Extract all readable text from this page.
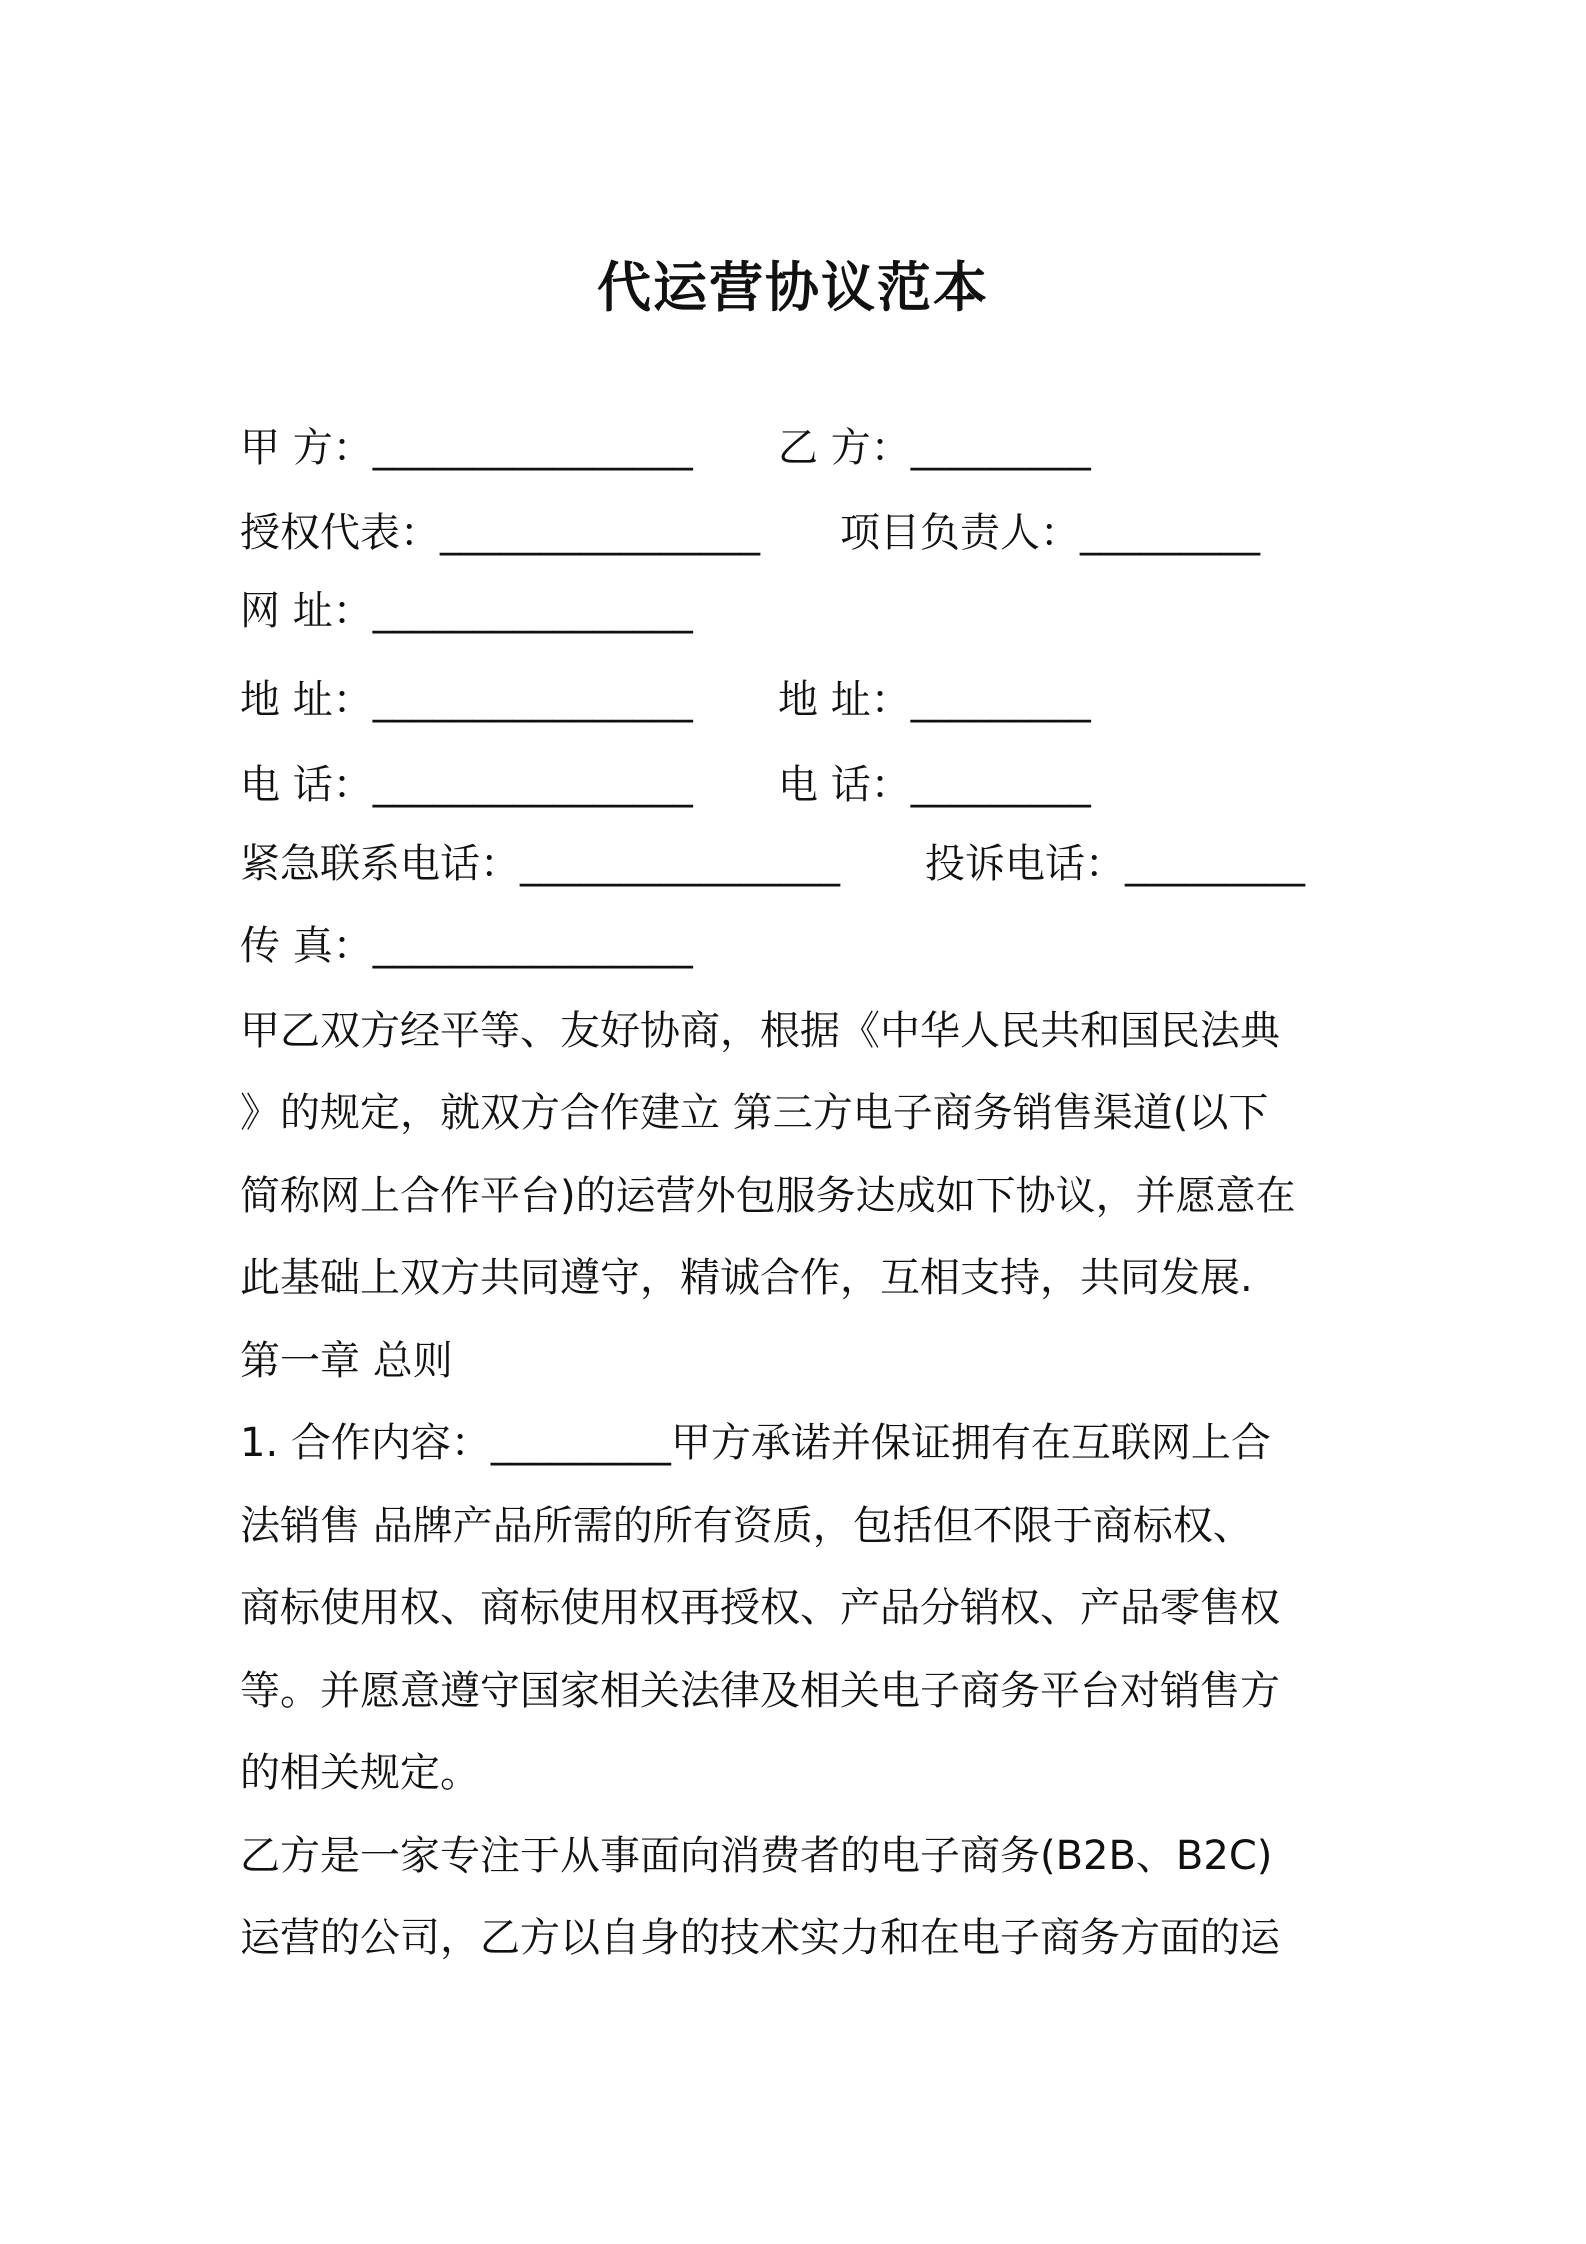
代运营协议范本
甲 方：________________ 乙 方：_________
授权代表：________________ 项目负责人：_________
网 址：________________
地 址：________________ 地 址：_________
电 话：________________ 电 话：_________
紧急联系电话：________________ 投诉电话：_________
传 真：________________
甲乙双方经平等、友好协商，根据《中华人民共和国民法典
》的规定，就双方合作建立 第三方电子商务销售渠道(以下
简称网上合作平台)的运营外包服务达成如下协议，并愿意在
此基础上双方共同遵守，精诚合作，互相支持，共同发展.
第一章 总则
1. 合作内容：_________甲方承诺并保证拥有在互联网上合
法销售 品牌产品所需的所有资质，包括但不限于商标权、
商标使用权、商标使用权再授权、产品分销权、产品零售权
等。并愿意遵守国家相关法律及相关电子商务平台对销售方
的相关规定。
乙方是一家专注于从事面向消费者的电子商务(B2B、B2C)
运营的公司，乙方以自身的技术实力和在电子商务方面的运
